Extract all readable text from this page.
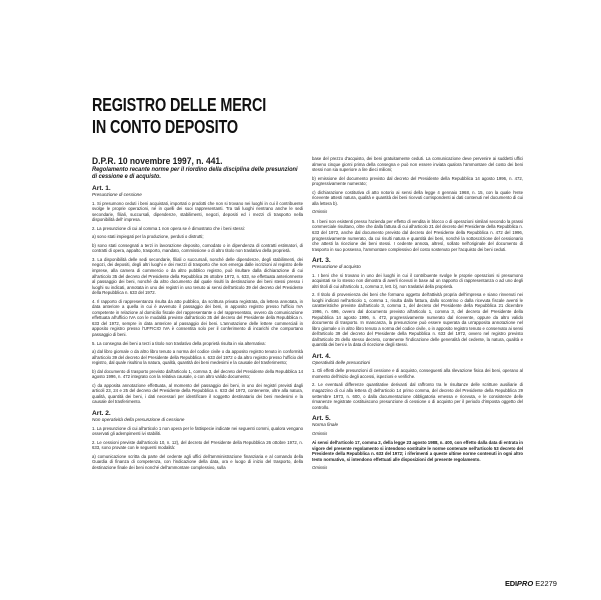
REGISTRO DELLE MERCI
IN CONTO DEPOSITO
D.P.R. 10 novembre 1997, n. 441.
Regolamento recante norme per il riordino della disciplina delle presunzioni di cessione e di acquisto.
Art. 1.
Presunzione di cessione

1. Si presumono ceduti i beni acquistati, importati o prodotti che non si trovano nei luoghi in cui il contribuente svolge le proprie operazioni, né in quelli dei suoi rappresentanti. Tra tali luoghi rientrano anche le sedi secondarie, filiali, succursali, dipendenze, stabilimenti, negozi, depositi ed i mezzi di trasporto nella disponibilità dell' impresa.

2. La presunzione di cui al comma 1 non opera se è dimostrato che i beni stessi:

a) sono stati impiegati per la produzione, perduti o distrutti;

b) sono stati consegnati a terzi in lavorazione deposito, comodato o in dipendenza di contratti estimatori, di contratti di opera, appalto, trasporto, mandato, commissione o di altro titolo non traslativo della proprietà.

3. La disponibilità delle sedi secondarie, filiali o succursali, nonché delle dipendenze, degli stabilimenti, dei negozi, dei depositi, degli altri luoghi e dei mezzi di trasporto che non emerga dalle iscrizioni al registro delle imprese, alla camera di commercio o da altro pubblico registro, può risultare dalla dichiarazione di cui all'articolo 35 del decreto del Presidente della Repubblica 26 ottobre 1972, n. 633, se effettuata anteriormente al passaggio dei beni, nonché da altro documento dal quale risulti la destinazione dei beni stessi presso i luoghi su indicati, annotata in uno dei registri in uso tenuto ai sensi dell'articolo 39 del decreto del Presidente della Repubblica n. 633 del 1972.

4. Il rapporto di rappresentanza risulta da atto pubblico, da scrittura privata registrata, da lettera annotata, in data anteriore a quella in cui è avvenuto il passaggio dei beni, in apposito registro presso l'ufficio IVA competente in relazione al domicilio fiscale del rappresentante o del rappresentato, ovvero da comunicazione effettuata all'ufficio IVA con le modalità previste dall'articolo 35 del decreto del Presidente della Repubblica n. 633 del 1972, sempre in data anteriore al passaggio dei beni. L'annotazione delle lettere commerciali in apposito registro presso l'UFFICIO IVA è consentita solo per il conferimento di incarichi che comportano passaggio di beni.

5. La consegna dei beni a terzi a titolo non traslativo della proprietà risulta in via alternativa:

a) dal libro giornale o da altro libro tenuto a norma del codice civile o da apposito registro tenuto in conformità all'articolo 39 del decreto del Presidente della Repubblica n. 633 del 1972 o da altro registro presso l'ufficio del registro, dal quale risultino la natura, qualità, quantità dei beni medesimi e la causale del trasferimento;

b) dal documento di trasporto previsto dall'articolo 1, comma 3, del decreto del Presidente della Repubblica 14 agosto 1996, n. 472 integrato con la relativa causale, o con altro valido documento;

c) da apposita annotazione effettuata, al momento del passaggio dei beni, in uno dei registri previsti dagli articoli 23, 24 e 25 del decreto del Presidente della Repubblica n. 633 del 1972, contenente, oltre alla natura, qualità, quantità dei beni, i dati necessari per identificare il soggetto destinatario dei beni medesimi e la causale del trasferimento.

Art. 2.
Non operatività della presunzione di cessione

1. La presunzione di cui all'articolo 1 non opera per le fattispecie indicate nei seguenti commi, qualora vengano osservati gli adempimenti ivi stabiliti.

2. Le cessioni previste dall'articolo 10, n. 12), del decreto del Presidente della Repubblica 26 ottobre 1972, n. 633, sono provate con le seguenti modalità:

a) comunicazione scritta da parte del cedente agli uffici dell'amministrazione finanziaria e al comando della Guardia di finanza di competenza, con l'indicazione della data, ora e luogo di inizio del trasporto, della destinazione finale dei beni nonché dell'ammontare complessivo, sulla

base del prezzo d'acquisto, dei beni gratuitamente ceduti. La comunicazione deve pervenire ai suddetti uffici almeno cinque giorni prima della consegna e può non essere inviata qualora l'ammontare del costo dei beni stessi non sia superiore a lire dieci milioni;

b) emissione del documento previsto dal decreto del Presidente della Repubblica 14 agosto 1996, n. 472, progressivamente numerato;

c) dichiarazione costitutiva di atto notorio ai sensi della legge 4 gennaio 1968, n. 15, con la quale l'ente ricevente attesti natura, qualità e quantità dei beni ricevuti corrispondenti ai dati contenuti nel documento di cui alla lettera b).

Omissis

5. I beni non esistenti presso l'azienda per effetto di vendita in blocco o di operazioni similari secondo la prassi commerciale risultano, oltre che dalla fattura di cui all'articolo 21 del decreto del Presidente della Repubblica n. 633 del 1972, anche dal documento previsto dal decreto del Presidente della Repubblica n. 472 del 1996, progressivamente numerato, da cui risulti natura e quantità dei beni, nonché la sottoscrizione del cessionario che attesti la ricezione dei beni stessi. I cedente annota, altresì, sollato nell'originale del documento di trasporto in suo possesso, l'ammontare complessivo del costo sostenuto per l'acquisto dei beni ceduti.

Art. 3.
Presunzione di acquisto

1. I beni che si trovano in uno dei luoghi in cui il contribuente svolge le proprie operazioni si presumono acquistati se lo stesso non dimostra di averli ricevuti in base ad un rapporto di rappresentanza o ad uno degli altri titoli di cui all'articolo 1, comma 2, lett. b), non traslativi della proprietà.

2. Il titolo di provenienza dei beni che formano oggetto dell'attività propria dell'impresa e siano rinvenuti nei luoghi indicati nell'articolo 1, comma 1, risulta dalla fattura, dallo scontrino o dalla ricevuta fiscale aventi le caratteristiche previste dall'articolo 3, comma 1, del decreto del Presidente della Repubblica 21 dicembre 1996, n. 696, ovvero dal documento previsto all'articolo 1, comma 3, del decreto del Presidente della Repubblica 14 agosto 1996, n. 472, progressivamente numerato dal ricevente, oppure da altro valido documento di trasporto. In mancanza, la presunzione può essere superata da un'apposita annotazione nel libro giornale o in altro libro tenuto a norma del codice civile, o in apposito registro tenuto e conservato ai sensi dell'articolo 39 del decreto del Presidente della Repubblica n. 633 del 1972, ovvero nel registro previsto dall'articolo 25 dello stesso decreto, contenente l'indicazione delle generalità del cedente, la natura, qualità e quantità dei beni e la data di ricezione degli stessi.

Art. 4.
Operatività delle presunzioni

1. Gli effetti delle presunzioni di cessione e di acquisto, conseguenti alla rilevazione fisica dei beni, operano al momento dell'inizio degli accessi, ispezioni e verifiche.

2. Le eventuali differenze quantitative derivanti dal raffronto tra le risultanze delle scritture ausiliarie di magazzino di cui alla lettera d) dell'articolo 14 primo comma, del decreto del Presidente della Repubblica 29 settembre 1973, n. 600, o dalla documentazione obbligatoria emessa e ricevuta, e le consistenze delle rimanenze registrate costituiscono presunzione di cessione o di acquisto per il periodo d'imposta oggetto del controllo.

Art. 5.
Norma finale
Omissis

Ai sensi dell'articolo 17, comma 2, della legge 23 agosto 1988, n. 400, con effetto dalla data di entrata in vigore del presente regolamento si intendono sostituite le norme contenute nell'articolo 53 decreto del Presidente della Repubblica n. 633 del 1972; i riferimenti a queste ultime norme contenuti in ogni altro testo normativo, si intendono effettuati alle disposizioni del presente regolamento.

Omissis
EDIPRO E2279
